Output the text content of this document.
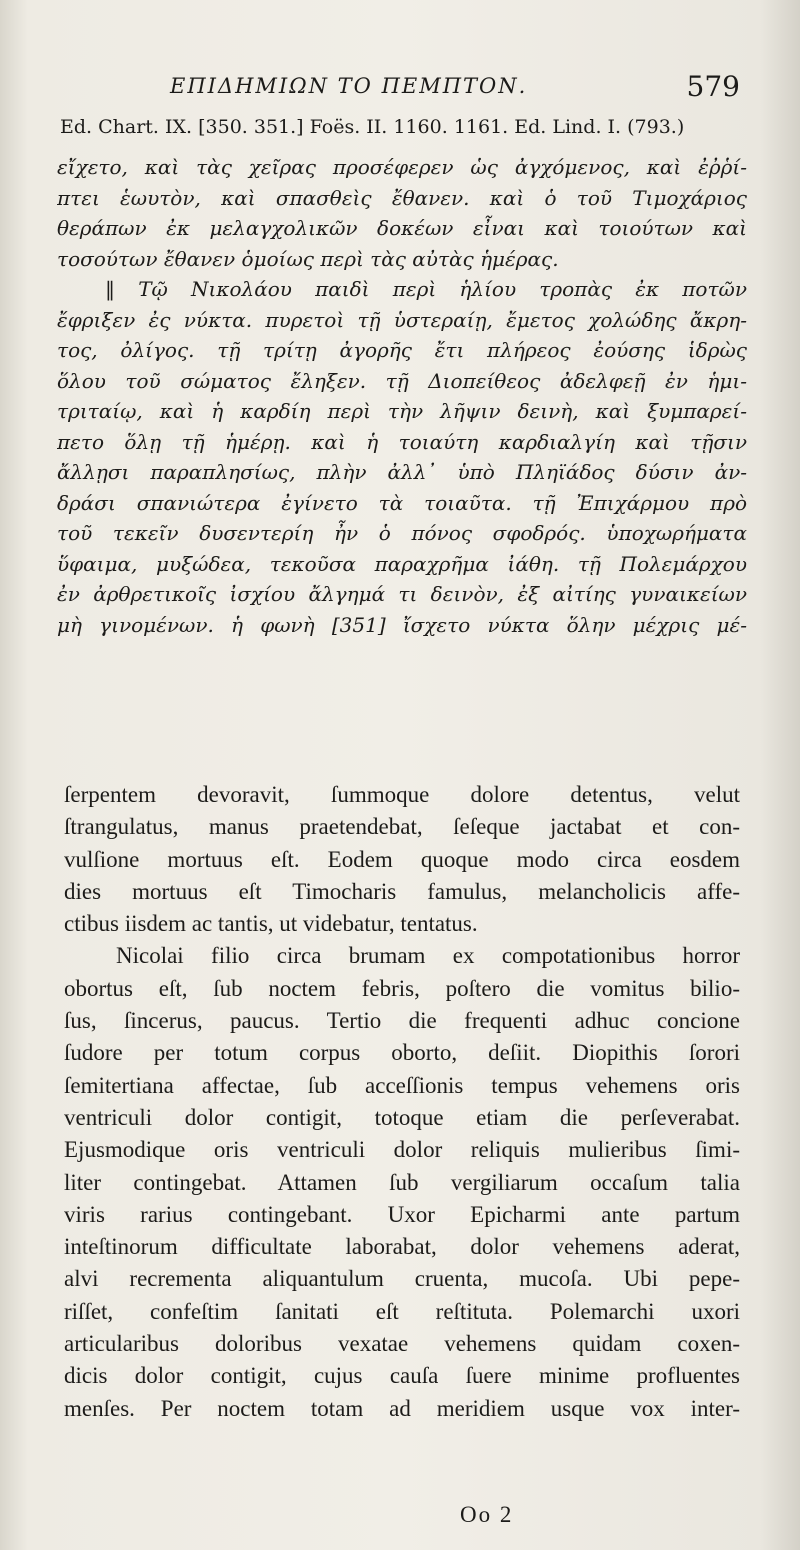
ΕΠΙΔΗΜΙΩΝ ΤΟ ΠΕΜΠΤΟΝ.	579
Ed. Chart. IX. [350. 351.] Foës. II. 1160. 1161. Ed. Lind. I. (793.)
εἴχετο, καὶ τὰς χεῖρας προσέφερεν ὡς ἀγχόμενος, καὶ ἐῤῥί-
πτει ἑωυτὸν, καὶ σπασθεὶς ἔθανεν. καὶ ὁ τοῦ Τιμοχάριος
θεράπων ἐκ μελαγχολικῶν δοκέων εἶναι καὶ τοιούτων καὶ
τοσούτων ἔθανεν ὁμοίως περὶ τὰς αὐτὰς ἡμέρας.
‖ Τῷ Νικολάου παιδὶ περὶ ἡλίου τροπὰς ἐκ ποτῶν
ἔφριξεν ἐς νύκτα. πυρετοὶ τῇ ὑστεραίῃ, ἔμετος χολώδης ἄκρη-
τος, ὀλίγος. τῇ τρίτῃ ἀγορῆς ἔτι πλήρεος ἐούσης ἱδρὼς
ὅλου τοῦ σώματος ἔληξεν. τῇ Διοπείθεος ἀδελφεῇ ἐν ἡμι-
τριταίῳ, καὶ ἡ καρδίη περὶ τὴν λῆψιν δεινὴ, καὶ ξυμπαρεί-
πετο ὅλῃ τῇ ἡμέρῃ. καὶ ἡ τοιαύτη καρδιαλγίη καὶ τῇσιν
ἄλλῃσι παραπλησίως, πλὴν ἀλλ᾽ ὑπὸ Πληϊάδος δύσιν ἀν-
δράσι σπανιώτερα ἐγίνετο τὰ τοιαῦτα. τῇ Ἐπιχάρμου πρὸ
τοῦ τεκεῖν δυσεντερίη ἦν ὁ πόνος σφοδρός. ὑποχωρήματα
ὕφαιμα, μυξώδεα, τεκοῦσα παραχρῆμα ἰάθη. τῇ Πολεμάρχου
ἐν ἀρθρετικοῖς ἰσχίου ἄλγημά τι δεινὸν, ἐξ αἰτίης γυναικείων
μὴ γινομένων. ἡ φωνὴ [351] ἴσχετο νύκτα ὅλην μέχρις μέ-
ſerpentem devoravit, ſummoque dolore detentus, velut
ſtrangulatus, manus praetendebat, ſeſeque jactabat et con-
vulſione mortuus eſt. Eodem quoque modo circa eosdem
dies mortuus eſt Timocharis famulus, melancholicis affe-
ctibus iisdem ac tantis, ut videbatur, tentatus.
Nicolai filio circa brumam ex compotationibus horror
obortus eſt, ſub noctem febris, poſtero die vomitus bilio-
ſus, ſincerus, paucus. Tertio die frequenti adhuc concione
ſudore per totum corpus oborto, deſiit. Diopithis ſorori
ſemitertiana affectae, ſub acceſſionis tempus vehemens oris
ventriculi dolor contigit, totoque etiam die perſeverabat.
Ejusmodique oris ventriculi dolor reliquis mulieribus ſimi-
liter contingebat. Attamen ſub vergiliarum occaſum talia
viris rarius contingebant. Uxor Epicharmi ante partum
inteſtinorum difficultate laborabat, dolor vehemens aderat,
alvi recrementa aliquantulum cruenta, mucoſa. Ubi pepe-
riſſet, confeſtim ſanitati eſt reſtituta. Polemarchi uxori
articularibus doloribus vexatae vehemens quidam coxen-
dicis dolor contigit, cujus cauſa ſuere minime profluentes
menſes. Per noctem totam ad meridiem usque vox inter-
Oo 2
